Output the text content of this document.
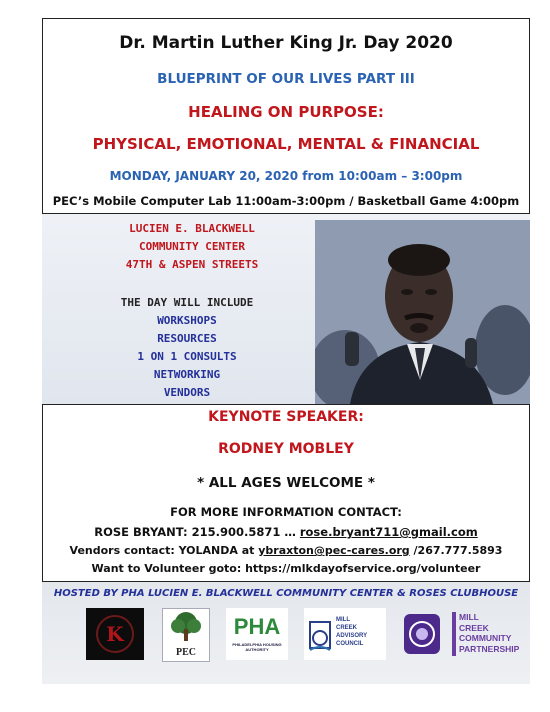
Dr. Martin Luther King Jr. Day 2020
BLUEPRINT OF OUR LIVES PART III
HEALING ON PURPOSE:
PHYSICAL, EMOTIONAL, MENTAL & FINANCIAL
MONDAY, JANUARY 20, 2020 from 10:00am – 3:00pm
PEC’s Mobile Computer Lab 11:00am-3:00pm / Basketball Game 4:00pm
LUCIEN E. BLACKWELL
COMMUNITY CENTER
47TH & ASPEN STREETS
THE DAY WILL INCLUDE
WORKSHOPS
RESOURCES
1 ON 1 CONSULTS
NETWORKING
VENDORS
KEYNOTE SPEAKER:
RODNEY MOBLEY
* ALL AGES WELCOME *
FOR MORE INFORMATION CONTACT:
ROSE BRYANT: 215.900.5871 … rose.bryant711@gmail.com
Vendors contact: YOLANDA at ybraxton@pec-cares.org /267.777.5893
Want to Volunteer goto: https://mlkdayofservice.org/volunteer
HOSTED BY PHA LUCIEN E. BLACKWELL COMMUNITY CENTER & ROSES CLUBHOUSE
K
PEC
PHA
PHILADELPHIA HOUSING AUTHORITY
MILL
CREEK
ADVISORY
COUNCIL
MILL
CREEK
COMMUNITY
PARTNERSHIP
